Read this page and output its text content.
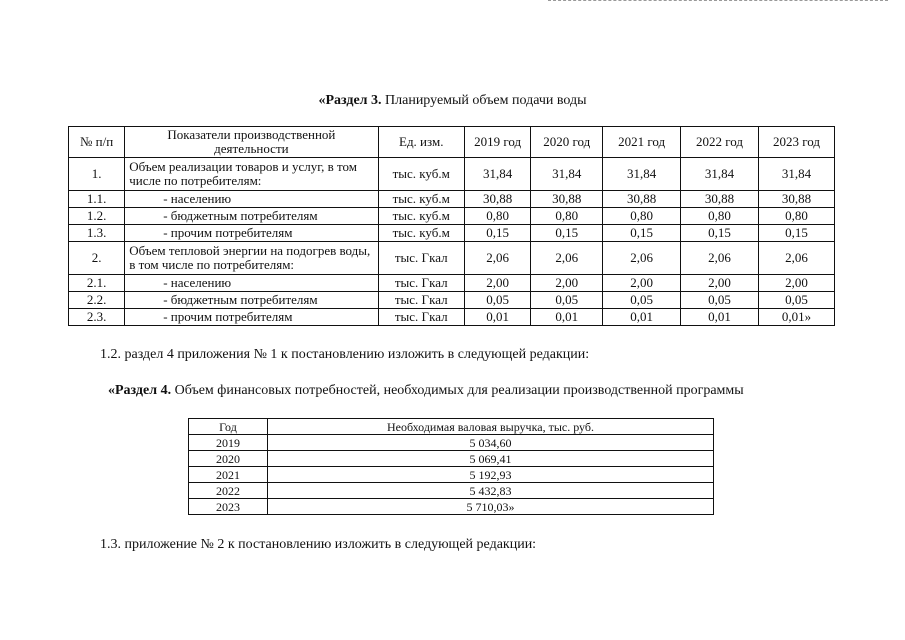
«Раздел 3. Планируемый объем подачи воды
№ п/п	Показатели производственной деятельности	Ед. изм.	2019 год	2020 год	2021 год	2022 год	2023 год
1.	Объем реализации товаров и услуг, в том числе по потребителям:	тыс. куб.м	31,84	31,84	31,84	31,84	31,84
1.1.	- населению	тыс. куб.м	30,88	30,88	30,88	30,88	30,88
1.2.	- бюджетным потребителям	тыс. куб.м	0,80	0,80	0,80	0,80	0,80
1.3.	- прочим потребителям	тыс. куб.м	0,15	0,15	0,15	0,15	0,15
2.	Объем тепловой энергии на подогрев воды, в том числе по потребителям:	тыс. Гкал	2,06	2,06	2,06	2,06	2,06
2.1.	- населению	тыс. Гкал	2,00	2,00	2,00	2,00	2,00
2.2.	- бюджетным потребителям	тыс. Гкал	0,05	0,05	0,05	0,05	0,05
2.3.	- прочим потребителям	тыс. Гкал	0,01	0,01	0,01	0,01	0,01»
1.2. раздел 4 приложения № 1 к постановлению изложить в следующей редакции:
«Раздел 4. Объем финансовых потребностей, необходимых для реализации производственной программы
Год	Необходимая валовая выручка, тыс. руб.
2019	5 034,60
2020	5 069,41
2021	5 192,93
2022	5 432,83
2023	5 710,03»
1.3. приложение № 2 к постановлению изложить в следующей редакции:
